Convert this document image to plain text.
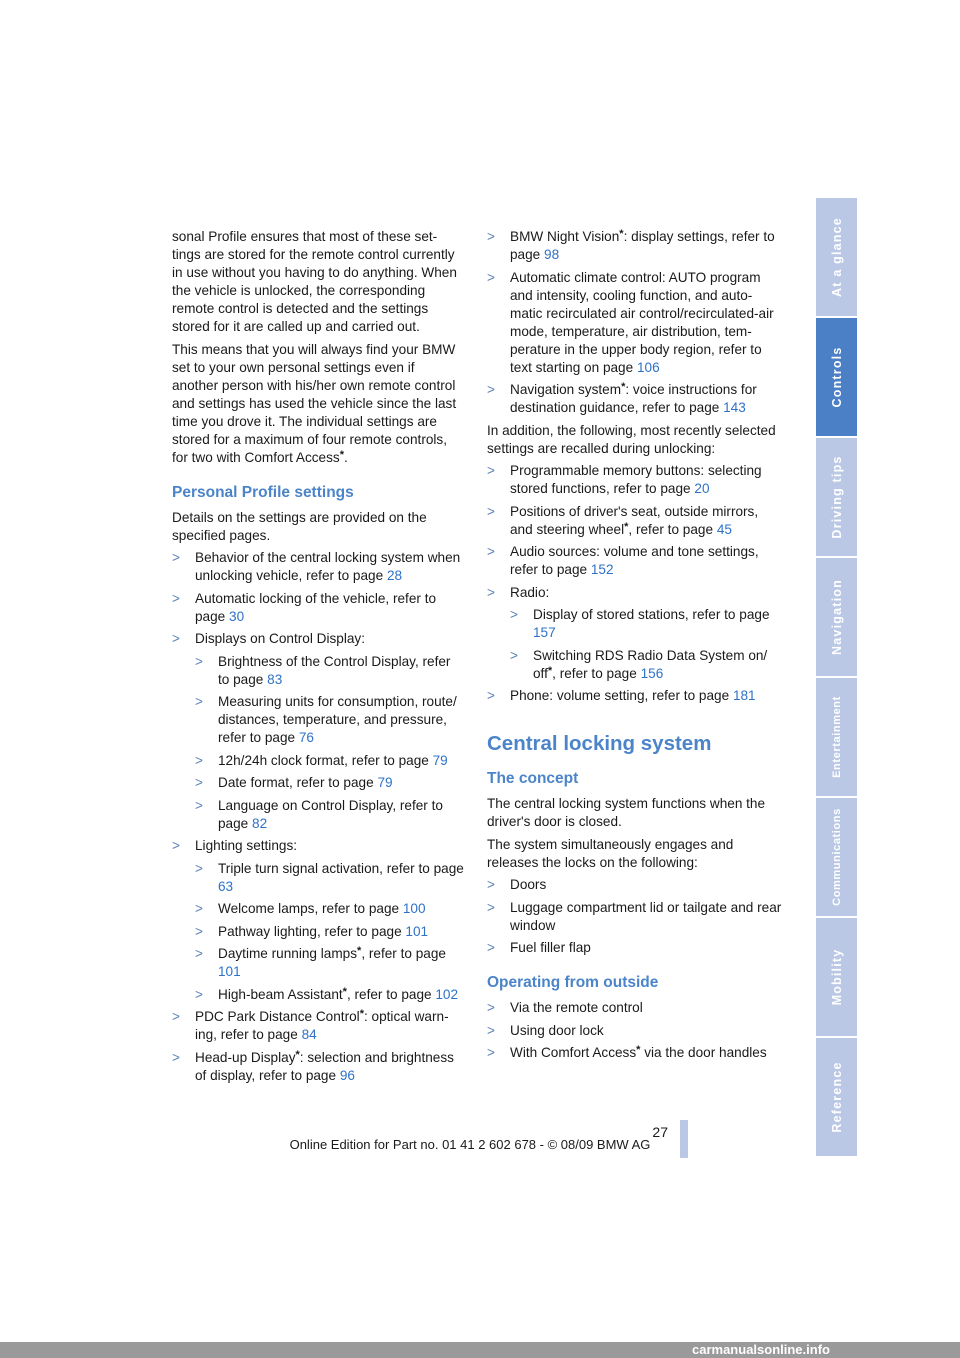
sonal Profile ensures that most of these set-tings are stored for the remote control currently in use without you having to do anything. When the vehicle is unlocked, the corresponding remote control is detected and the settings stored for it are called up and carried out.

This means that you will always find your BMW set to your own personal settings even if another person with his/her own remote control and settings has used the vehicle since the last time you drove it. The individual settings are stored for a maximum of four remote controls, for two with Comfort Access*.

Personal Profile settings

Details on the settings are provided on the specified pages.

> Behavior of the central locking system when unlocking vehicle, refer to page 28
> Automatic locking of the vehicle, refer to page 30
> Displays on Control Display:
> Brightness of the Control Display, refer to page 83
> Measuring units for consumption, route/ distances, temperature, and pressure, refer to page 76
> 12h/24h clock format, refer to page 79
> Date format, refer to page 79
> Language on Control Display, refer to page 82
> Lighting settings:
> Triple turn signal activation, refer to page 63
> Welcome lamps, refer to page 100
> Pathway lighting, refer to page 101
> Daytime running lamps*, refer to page 101
> High-beam Assistant*, refer to page 102
> PDC Park Distance Control*: optical warn-ing, refer to page 84
> Head-up Display*: selection and brightness of display, refer to page 96
> BMW Night Vision*: display settings, refer to page 98
> Automatic climate control: AUTO program and intensity, cooling function, and auto-matic recirculated air control/recirculated-air mode, temperature, air distribution, tem-perature in the upper body region, refer to text starting on page 106
> Navigation system*: voice instructions for destination guidance, refer to page 143

In addition, the following, most recently selected settings are recalled during unlocking:

> Programmable memory buttons: selecting stored functions, refer to page 20
> Positions of driver's seat, outside mirrors, and steering wheel*, refer to page 45
> Audio sources: volume and tone settings, refer to page 152
> Radio:
> Display of stored stations, refer to page 157
> Switching RDS Radio Data System on/ off*, refer to page 156
> Phone: volume setting, refer to page 181
Central locking system
The concept

The central locking system functions when the driver's door is closed.

The system simultaneously engages and releases the locks on the following:

> Doors
> Luggage compartment lid or tailgate and rear window
> Fuel filler flap
Operating from outside
> Via the remote control
> Using door lock
> With Comfort Access* via the door handles
At a glance
Controls
Driving tips
Navigation
Entertainment
Communications
Mobility
Reference
27
Online Edition for Part no. 01 41 2 602 678 - © 08/09 BMW AG
carmanualsonline.info
